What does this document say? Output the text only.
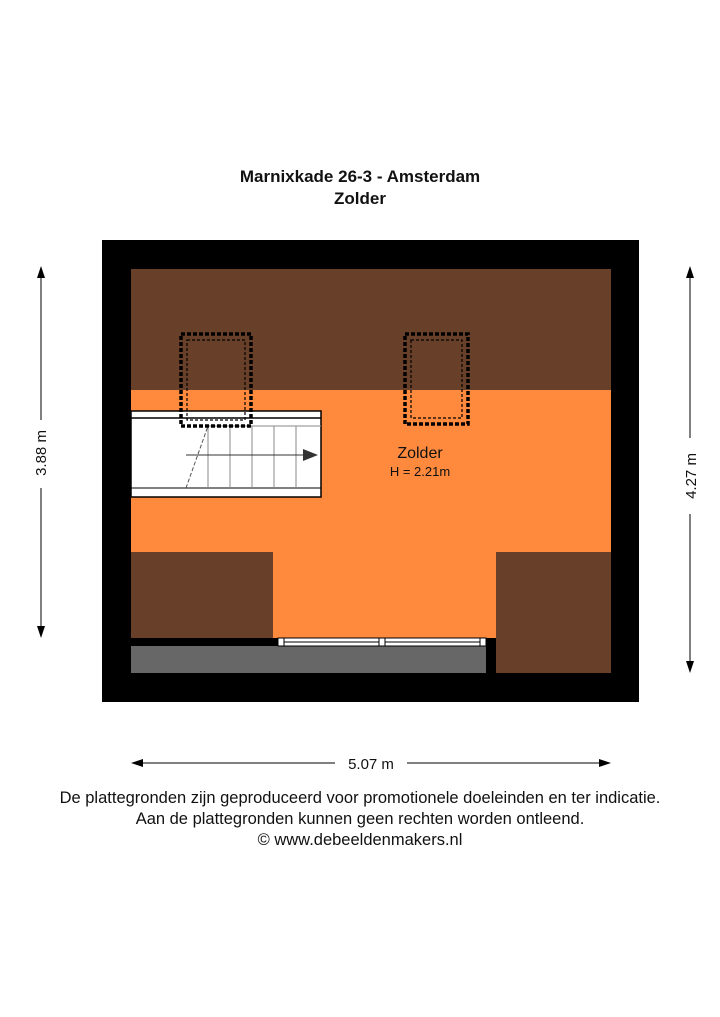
Marnixkade 26-3 - Amsterdam
Zolder
Zolder
H = 2.21m
3.88 m
4.27 m
5.07 m
De plattegronden zijn geproduceerd voor promotionele doeleinden en ter indicatie.
Aan de plattegronden kunnen geen rechten worden ontleend.
© www.debeeldenmakers.nl
